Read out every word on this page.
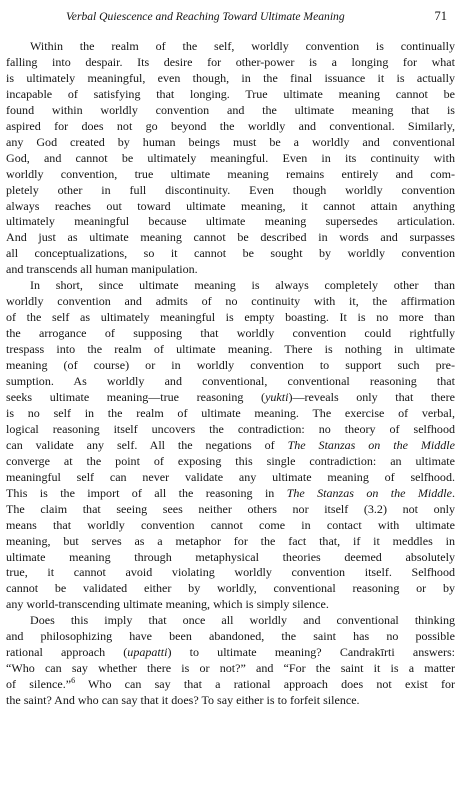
Verbal Quiescence and Reaching Toward Ultimate Meaning	71
Within the realm of the self, worldly convention is continually
falling into despair. Its desire for other-power is a longing for what
is ultimately meaningful, even though, in the final issuance it is actually
incapable of satisfying that longing. True ultimate meaning cannot be
found within worldly convention and the ultimate meaning that is
aspired for does not go beyond the worldly and conventional. Similarly,
any God created by human beings must be a worldly and conventional
God, and cannot be ultimately meaningful. Even in its continuity with
worldly convention, true ultimate meaning remains entirely and com-
pletely other in full discontinuity. Even though worldly convention
always reaches out toward ultimate meaning, it cannot attain anything
ultimately meaningful because ultimate meaning supersedes articulation.
And just as ultimate meaning cannot be described in words and surpasses
all conceptualizations, so it cannot be sought by worldly convention
and transcends all human manipulation.
In short, since ultimate meaning is always completely other than
worldly convention and admits of no continuity with it, the affirmation
of the self as ultimately meaningful is empty boasting. It is no more than
the arrogance of supposing that worldly convention could rightfully
trespass into the realm of ultimate meaning. There is nothing in ultimate
meaning (of course) or in worldly convention to support such pre-
sumption. As worldly and conventional, conventional reasoning that
seeks ultimate meaning—true reasoning (yukti)—reveals only that there
is no self in the realm of ultimate meaning. The exercise of verbal,
logical reasoning itself uncovers the contradiction: no theory of selfhood
can validate any self. All the negations of The Stanzas on the Middle
converge at the point of exposing this single contradiction: an ultimate
meaningful self can never validate any ultimate meaning of selfhood.
This is the import of all the reasoning in The Stanzas on the Middle.
The claim that seeing sees neither others nor itself (3.2) not only
means that worldly convention cannot come in contact with ultimate
meaning, but serves as a metaphor for the fact that, if it meddles in
ultimate meaning through metaphysical theories deemed absolutely
true, it cannot avoid violating worldly convention itself. Selfhood
cannot be validated either by worldly, conventional reasoning or by
any world-transcending ultimate meaning, which is simply silence.
Does this imply that once all worldly and conventional thinking
and philosophizing have been abandoned, the saint has no possible
rational approach (upapatti) to ultimate meaning? Candrakīrti answers:
“Who can say whether there is or not?” and “For the saint it is a matter
of silence.”$^6$ Who can say that a rational approach does not exist for
the saint? And who can say that it does? To say either is to forfeit silence.
